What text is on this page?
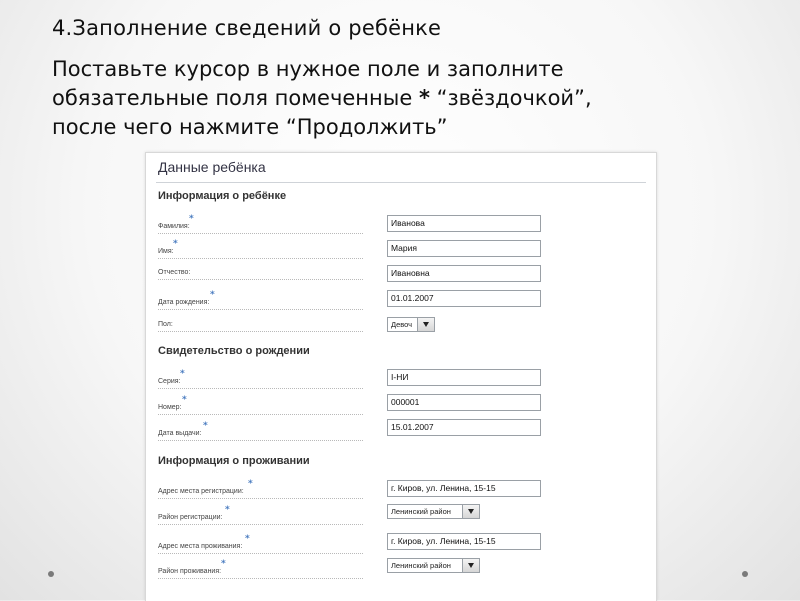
4.Заполнение сведений о ребёнке
Поставьте курсор в нужное поле и заполните
обязательные поля помеченные * “звёздочкой”,
после чего нажмите “Продолжить”
Данные ребёнка
Информация о ребёнке
Фамилия:
*	Иванова
Имя:
*	Мария
Отчество:	Ивановна
Дата рождения:
*	01.01.2007
Пол:	Девоч
Свидетельство о рождении
Серия:
*	I-НИ
Номер:
*	000001
Дата выдачи:
*	15.01.2007
Информация о проживании
Адрес места регистрации:
*	г. Киров, ул. Ленина, 15-15
Район регистрации:
*	Ленинский район
Адрес места проживания:
*	г. Киров, ул. Ленина, 15-15
Район проживания:
*	Ленинский район
